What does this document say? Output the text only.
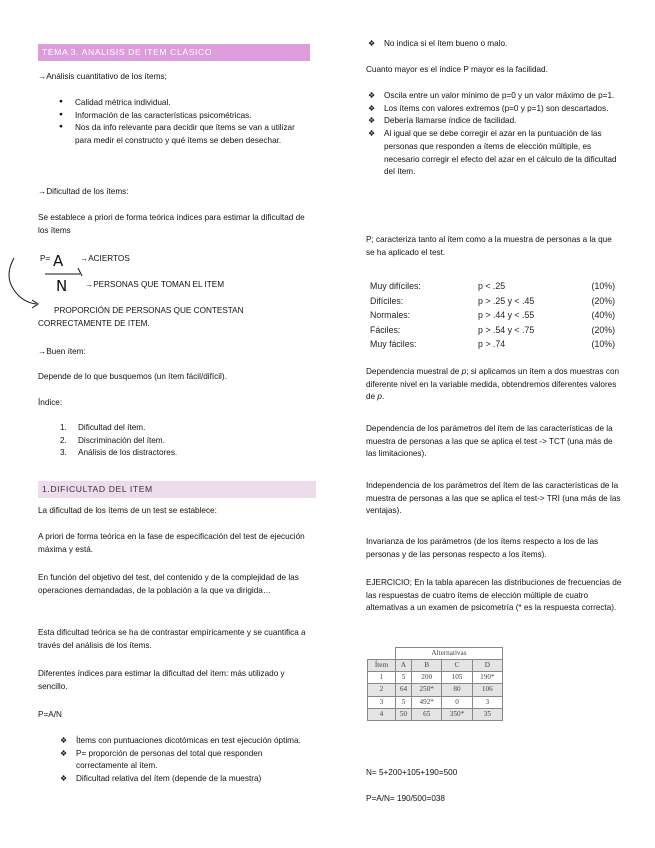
TEMA 3. ANALISIS DE ITEM CLÁSICO

→Análisis cuantitativo de los ítems;

● Calidad métrica individual.
● Información de las características psicométricas.
● Nos da info relevante para decidir que ítems se van a utilizar para medir el constructo y qué ítems se deben desechar.

→Dificultad de los ítems:

Se establece a priori de forma teórica índices para estimar la dificultad de los ítems

P= A
N
→ACIERTOS
→PERSONAS QUE TOMAN EL ITEM

PROPORCIÓN DE PERSONAS QUE CONTESTAN CORRECTAMENTE DE ITEM.

→Buen ítem:

Depende de lo que busquemos (un ítem fácil/difícil).

Índice:

1. Dificultad del ítem.
2. Discriminación del ítem.
3. Análisis de los distractores.
1.DIFICULTAD DEL ITEM

La dificultad de los ítems de un test se establece:

A priori de forma teórica en la fase de especificación del test de ejecución máxima y está.

En función del objetivo del test, del contenido y de la complejidad de las operaciones demandadas, de la población a la que va dirigida…

Esta dificultad teórica se ha de contrastar empíricamente y se cuantifica a través del análisis de los ítems.

Diferentes índices para estimar la dificultad del ítem: más utilizado y sencillo.

P=A/N

❖ Ítems con puntuaciones dicotómicas en test ejecución óptima.
❖ P= proporción de personas del total que responden correctamente al ítem.
❖ Dificultad relativa del ítem (depende de la muestra)
❖ No indica si el ítem bueno o malo.

Cuanto mayor es el índice P mayor es la facilidad.

❖ Oscila entre un valor mínimo de p=0 y un valor máximo de p=1.
❖ Los ítems con valores extremos (p=0 y p=1) son descartados.
❖ Debería llamarse índice de facilidad.
❖ Al igual que se debe corregir el azar en la puntuación de las personas que responden a ítems de elección múltiple, es necesario corregir el efecto del azar en el cálculo de la dificultad del ítem.

P; caracteriza tanto al ítem como a la muestra de personas a la que se ha aplicado el test.

Muy difíciles:	p < .25	(10%)
Difíciles:	p > .25 y < .45	(20%)
Normales:	p > .44 y < .55	(40%)
Fáciles:	p > .54 y < .75	(20%)
Muy fáciles:	p > .74	(10%)

Dependencia muestral de p; si aplicamos un ítem a dos muestras con diferente nivel en la variable medida, obtendremos diferentes valores de p.

Dependencia de los parámetros del ítem de las características de la muestra de personas a las que se aplica el test -> TCT (una más de las limitaciones).

Independencia de los parámetros del ítem de las características de la muestra de personas a las que se aplica el test-> TRI (una más de las ventajas).

Invarianza de los parámetros (de los ítems respecto a los de las personas y de las personas respecto a los ítems).

EJERCICIO; En la tabla aparecen las distribuciones de frecuencias de las respuestas de cuatro ítems de elección múltiple de cuatro alternativas a un examen de psicometría (* es la respuesta correcta).

N= 5+200+105+190=500

P=A/N= 190/500=038

	Alternativas			
Ítem	A	B	C	D
1	5	200	105	190*
2	64	250*	80	106
3	5	492*	0	3
4	50	65	350*	35
